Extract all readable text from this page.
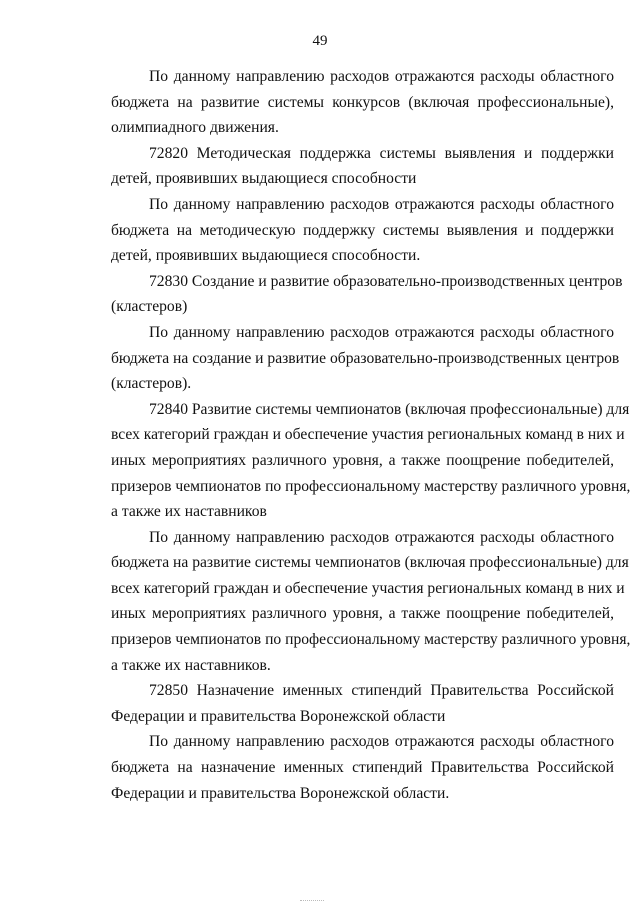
49
По данному направлению расходов отражаются расходы областного
бюджета на развитие системы конкурсов (включая профессиональные),
олимпиадного движения.
72820 Методическая поддержка системы выявления и поддержки
детей, проявивших выдающиеся способности
По данному направлению расходов отражаются расходы областного
бюджета на методическую поддержку системы выявления и поддержки
детей, проявивших выдающиеся способности.
72830 Создание и развитие образовательно-производственных центров
(кластеров)
По данному направлению расходов отражаются расходы областного
бюджета на создание и развитие образовательно-производственных центров
(кластеров).
72840 Развитие системы чемпионатов (включая профессиональные) для
всех категорий граждан и обеспечение участия региональных команд в них и
иных мероприятиях различного уровня, а также поощрение победителей,
призеров чемпионатов по профессиональному мастерству различного уровня,
а также их наставников
По данному направлению расходов отражаются расходы областного
бюджета на развитие системы чемпионатов (включая профессиональные) для
всех категорий граждан и обеспечение участия региональных команд в них и
иных мероприятиях различного уровня, а также поощрение победителей,
призеров чемпионатов по профессиональному мастерству различного уровня,
а также их наставников.
72850 Назначение именных стипендий Правительства Российской
Федерации и правительства Воронежской области
По данному направлению расходов отражаются расходы областного
бюджета на назначение именных стипендий Правительства Российской
Федерации и правительства Воронежской области.
